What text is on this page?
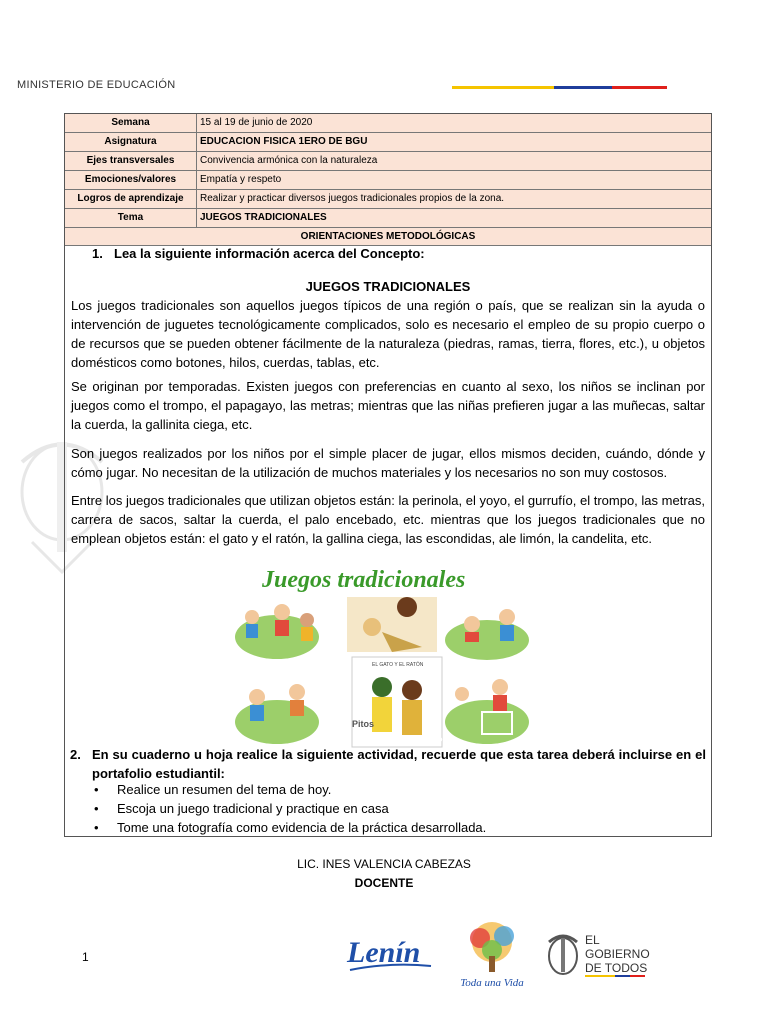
MINISTERIO DE EDUCACIÓN
Semana	15 al 19 de junio de 2020
Asignatura	EDUCACION FISICA 1ERO DE BGU
Ejes transversales	Convivencia armónica con la naturaleza
Emociones/valores	Empatía y respeto
Logros de aprendizaje	Realizar y practicar diversos juegos tradicionales propios de la zona.
Tema	JUEGOS TRADICIONALES
ORIENTACIONES METODOLÓGICAS
1. Lea la siguiente información acerca del Concepto:
JUEGOS TRADICIONALES
Los juegos tradicionales son aquellos juegos típicos de una región o país, que se realizan sin la ayuda o intervención de juguetes tecnológicamente complicados, solo es necesario el empleo de su propio cuerpo o de recursos que se pueden obtener fácilmente de la naturaleza (piedras, ramas, tierra, flores, etc.), u objetos domésticos como botones, hilos, cuerdas, tablas, etc.
Se originan por temporadas. Existen juegos con preferencias en cuanto al sexo, los niños se inclinan por juegos como el trompo, el papagayo, las metras; mientras que las niñas prefieren jugar a las muñecas, saltar la cuerda, la gallinita ciega, etc.
Son juegos realizados por los niños por el simple placer de jugar, ellos mismos deciden, cuándo, dónde y cómo jugar. No necesitan de la utilización de muchos materiales y los necesarios no son muy costosos.
Entre los juegos tradicionales que utilizan objetos están: la perinola, el yoyo, el gurrufío, el trompo, las metras, carrera de sacos, saltar la cuerda, el palo encebado, etc. mientras que los juegos tradicionales que no emplean objetos están: el gato y el ratón, la gallina ciega, las escondidas, ale limón, la candelita, etc.
Juegos tradicionales
EL GATO Y EL RATÓN
Pitos
Papagayo
2. En su cuaderno u hoja realice la siguiente actividad, recuerde que esta tarea deberá incluirse en el portafolio estudiantil:
• Realice un resumen del tema de hoy.
• Escoja un juego tradicional y practique en casa
• Tome una fotografía como evidencia de la práctica desarrollada.
LIC. INES VALENCIA CABEZAS
DOCENTE
1	Lenín
Toda una Vida
EL
GOBIERNO
DE TODOS
